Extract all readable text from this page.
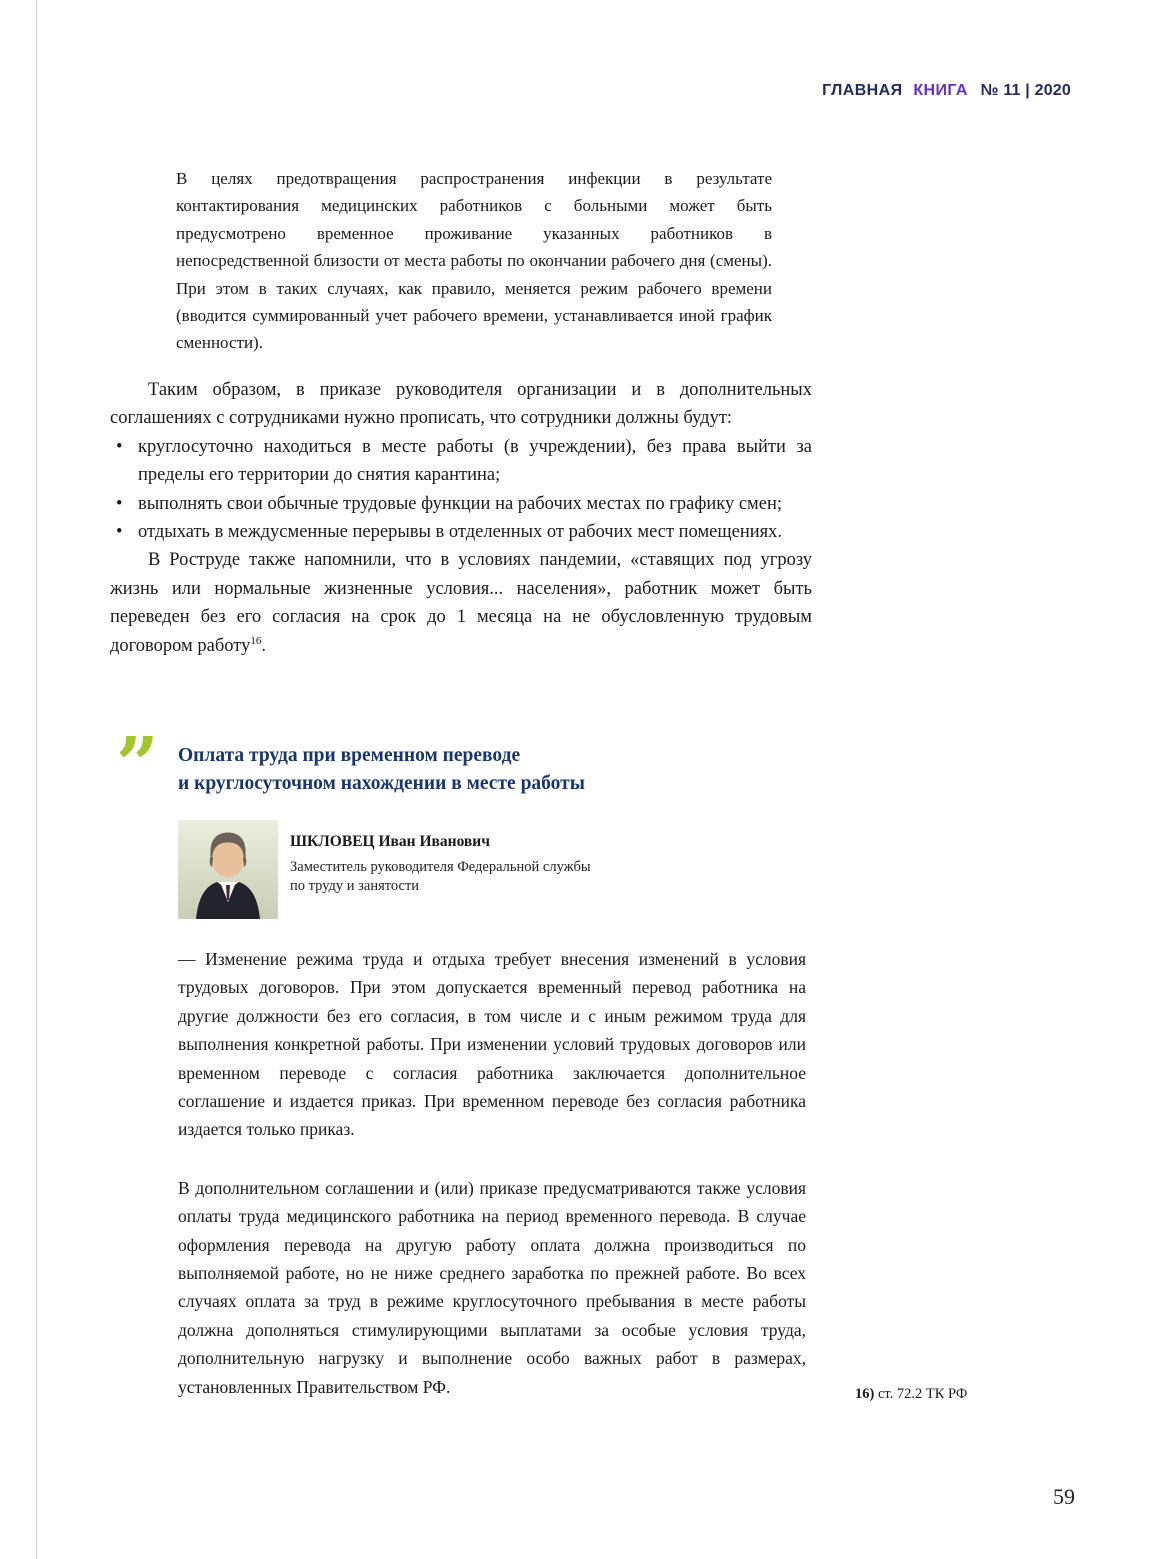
ГЛАВНАЯ КНИГА № 11 | 2020
В целях предотвращения распространения инфекции в результате контактирования медицинских работников с больными может быть предусмотрено временное проживание указанных работников в непосредственной близости от места работы по окончании рабочего дня (смены). При этом в таких случаях, как правило, меняется режим рабочего времени (вводится суммированный учет рабочего времени, устанавливается иной график сменности).

Таким образом, в приказе руководителя организации и в дополнительных соглашениях с сотрудниками нужно прописать, что сотрудники должны будут:

• круглосуточно находиться в месте работы (в учреждении), без права выйти за пределы его территории до снятия карантина;
• выполнять свои обычные трудовые функции на рабочих местах по графику смен;
• отдыхать в междусменные перерывы в отделенных от рабочих мест помещениях.

В Роструде также напомнили, что в условиях пандемии, «ставящих под угрозу жизнь или нормальные жизненные условия... населения», работник может быть переведен без его согласия на срок до 1 месяца на не обусловленную трудовым договором работу$^{16}$.

” Оплата труда при временном переводе
и круглосуточном нахождении в месте работы
ШКЛОВЕЦ Иван Иванович
Заместитель руководителя Федеральной службы
по труду и занятости

— Изменение режима труда и отдыха требует внесения изменений в условия трудовых договоров. При этом допускается временный перевод работника на другие должности без его согласия, в том числе и с иным режимом труда для выполнения конкретной работы. При изменении условий трудовых договоров или временном переводе с согласия работника заключается дополнительное соглашение и издается приказ. При временном переводе без согласия работника издается только приказ.

В дополнительном соглашении и (или) приказе предусматриваются также условия оплаты труда медицинского работника на период временного перевода. В случае оформления перевода на другую работу оплата должна производиться по выполняемой работе, но не ниже среднего заработка по прежней работе. Во всех случаях оплата за труд в режиме круглосуточного пребывания в месте работы должна дополняться стимулирующими выплатами за особые условия труда, дополнительную нагрузку и выполнение особо важных работ в размерах, установленных Правительством РФ.	16) ст. 72.2 ТК РФ
59
